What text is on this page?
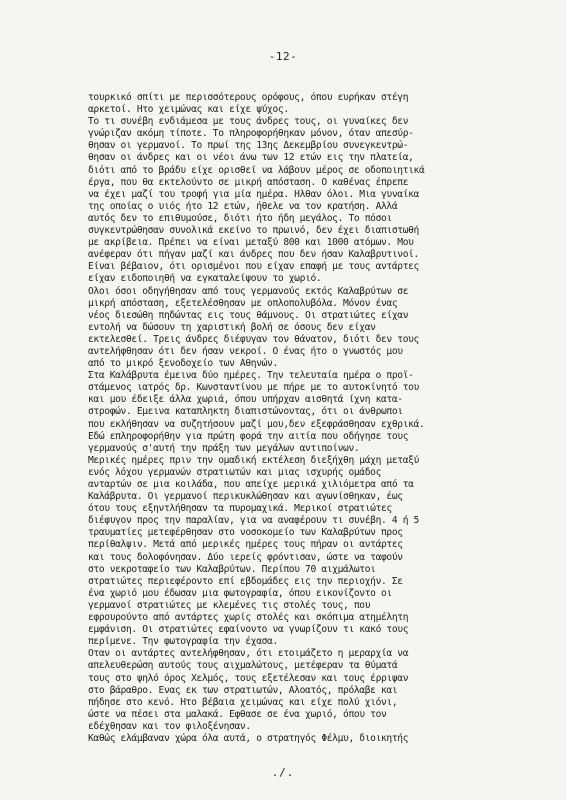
-12-
τουρκικό σπίτι με περισσότερους ορόφους, όπου ευρήκαν στέγη
αρκετοί. Ητο χειμώνας και είχε ψύχος.
Το τι συνέβη ενδιάμεσα με τους άνδρες τους, οι γυναίκες δεν
γνώριζαν ακόμη τίποτε. Το πληροφορήθηκαν μόνον, όταν απεσύρ-
θησαν οι γερμανοί. Το πρωί της 13ης Δεκεμβρίου συνεγκεντρώ-
θησαν οι άνδρες και οι νέοι άνω των 12 ετών εις την πλατεία,
διότι από το βράδυ είχε ορισθεί να λάβουν μέρος σε οδοποιητικά
έργα, που θα εκτελούντο σε μικρή απόσταση. Ο καθένας έπρεπε
να έχει μαζί του τροφή για μία ημέρα. Ηλθαν όλοι. Μια γυναίκα
της οποίας ο υιός ήτο 12 ετών, ήθελε να τον κρατήση. Αλλά
αυτός δεν το επιθυμούσε, διότι ήτο ήδη μεγάλος. Το πόσοι
συγκεντρώθησαν συνολικά εκείνο το πρωινό, δεν έχει διαπιστωθή
με ακρίβεια. Πρέπει να είναι μεταξύ 800 και 1000 ατόμων. Μου
ανέφεραν ότι πήγαν μαζί και άνδρες που δεν ήσαν Καλαβρυτινοί.
Είναι βέβαιον, ότι ορισμένοι που είχαν επαφή με τους αντάρτες
είχαν ειδοποιηθή να εγκαταλείψουν το χωριό.
Ολοι όσοι οδηγήθησαν από τους γερμανούς εκτός Καλαβρύτων σε
μικρή απόσταση, εξετελέσθησαν με οπλοπολυβόλα. Μόνον ένας
νέος διεσώθη πηδώντας εις τους θάμνους. Οι στρατιώτες είχαν
εντολή να δώσουν τη χαριστική βολή σε όσους δεν είχαν
εκτελεσθεί. Τρεις άνδρες διέφυγαν τον θάνατον, διότι δεν τους
αντελήφθησαν ότι δεν ήσαν νεκροί. Ο ένας ήτο ο γνωστός μου
από το μικρό ξενοδοχείο των Αθηνών.
Στα Καλάβρυτα έμεινα δύο ημέρες. Την τελευταία ημέρα ο προϊ-
στάμενος ιατρός δρ. Κωνσταντίνου με πήρε με το αυτοκίνητό του
και μου έδειξε άλλα χωριά, όπου υπήρχαν αισθητά ίχνη κατα-
στροφών. Εμεινα καταπληκτη διαπιστώνοντας, ότι οι άνθρωποι
που εκλήθησαν να συζητήσουν μαζί μου,δεν εξεφράσθησαν εχθρικά.
Εδώ επληροφορήθην για πρώτη φορά την αιτία που οδήγησε τους
γερμανούς σ'αυτή την πράξη των μεγάλων αντιποίνων.
Μερικές ημέρες πριν την ομαδική εκτέλεση διεξήχθη μάχη μεταξύ
ενός λόχου γερμανών στρατιωτών και μιας ισχυρής ομάδος
ανταρτών σε μια κοιλάδα, που απείχε μερικά χιλιόμετρα από τα
Καλάβρυτα. Οι γερμανοί περικυκλώθησαν και αγωνίσθηκαν, έως
ότου τους εξηντλήθησαν τα πυρομαχικά. Μερικοί στρατιώτες
διέφυγον προς την παραλίαν, για να αναφέρουν τι συνέβη. 4 ή 5
τραυματίες μετεφέρθησαν στο νοσοκομείο των Καλαβρύτων προς
περίθαλψιν. Μετά από μερικές ημέρες τους πήραν οι αντάρτες
και τους δολοφόνησαν. Δύο ιερείς φρόντισαν, ώστε να ταφούν
στο νεκροταφείο των Καλαβρύτων. Περίπου 70 αιχμάλωτοι
στρατιώτες περιεφέροντο επί εβδομάδες εις την περιοχήν. Σε
ένα χωριό μου έδωσαν μια φωτογραφία, όπου εικονίζοντο οι
γερμανοί στρατιώτες με κλεμένες τις στολές τους, που
εφρουρούντο από αντάρτες χωρίς στολές και σκόπιμα ατημέλητη
εμφάνιση. Οι στρατιώτες εφαίνοντο να γνωρίζουν τι κακό τους
περίμενε. Την φωτογραφία την έχασα.
Οταν οι αντάρτες αντελήφθησαν, ότι ετοιμάζετο η μεραρχία να
απελευθερώση αυτούς τους αιχμαλώτους, μετέφεραν τα θύματά
τους στο ψηλό όρος Χελμός, τους εξετέλεσαν και τους έρριψαν
στο βάραθρο. Ενας εκ των στρατιωτών, Αλοατός, πρόλαβε και
πήδησε στο κενό. Ητο βέβαια χειμώνας και είχε πολύ χιόνι,
ώστε να πέσει στα μαλακά. Εφθασε σε ένα χωριό, όπου τον
εδέχθησαν και τον φιλοξένησαν.
Καθώς ελάμβαναν χώρα όλα αυτά, ο στρατηγός Φέλμυ, διοικητής
./.
